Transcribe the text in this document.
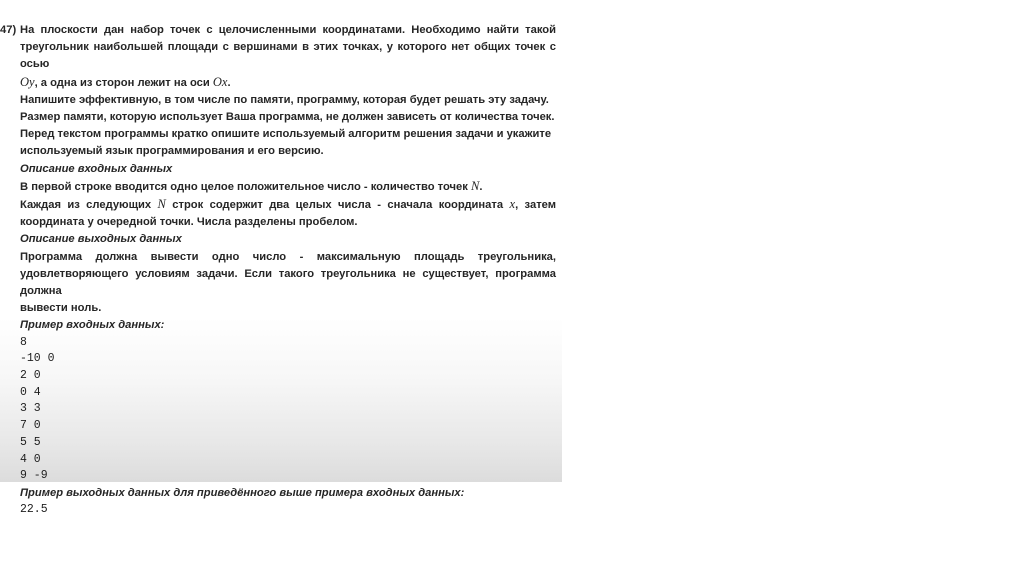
47) На плоскости дан набор точек с целочисленными координатами. Необходимо найти такой

треугольник наибольшей площади с вершинами в этих точках, у которого нет общих точек с осью

Oy, а одна из сторон лежит на оси Ox.

Напишите эффективную, в том числе по памяти, программу, которая будет решать эту задачу.

Размер памяти, которую использует Ваша программа, не должен зависеть от количества точек.

Перед текстом программы кратко опишите используемый алгоритм решения задачи и укажите

используемый язык программирования и его версию.

Описание входных данных

В первой строке вводится одно целое положительное число - количество точек N.

Каждая из следующих N строк содержит два целых числа - сначала координата x, затем

координата y очередной точки. Числа разделены пробелом.

Описание выходных данных

Программа должна вывести одно число - максимальную площадь треугольника,

удовлетворяющего условиям задачи. Если такого треугольника не существует, программа должна

вывести ноль.

Пример входных данных:

8
-10 0
2 0
0 4
3 3
7 0
5 5
4 0
9 -9

Пример выходных данных для приведённого выше примера входных данных:

22.5
